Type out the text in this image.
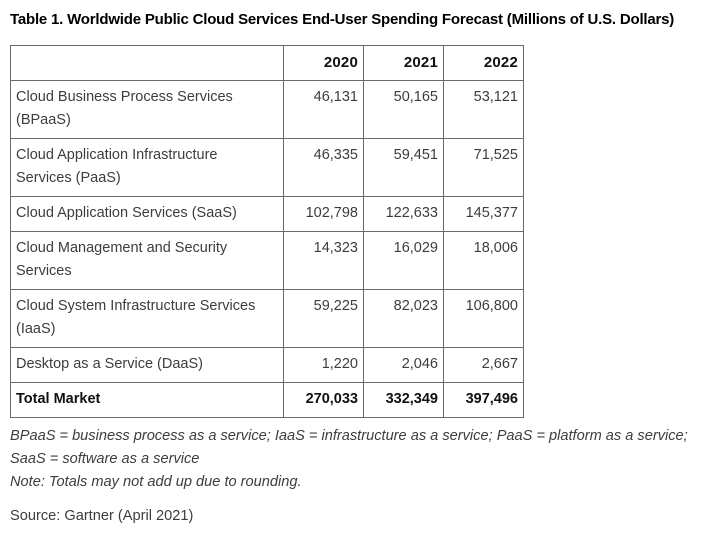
Table 1. Worldwide Public Cloud Services End-User Spending Forecast (Millions of U.S. Dollars)
	2020	2021	2022
Cloud Business Process Services (BPaaS)	46,131	50,165	53,121
Cloud Application Infrastructure Services (PaaS)	46,335	59,451	71,525
Cloud Application Services (SaaS)	102,798	122,633	145,377
Cloud Management and Security Services	14,323	16,029	18,006
Cloud System Infrastructure Services (IaaS)	59,225	82,023	106,800
Desktop as a Service (DaaS)	1,220	2,046	2,667
Total Market	270,033	332,349	397,496
BPaaS = business process as a service; IaaS = infrastructure as a service; PaaS = platform as a service; SaaS = software as a service
Note: Totals may not add up due to rounding.
Source: Gartner (April 2021)
